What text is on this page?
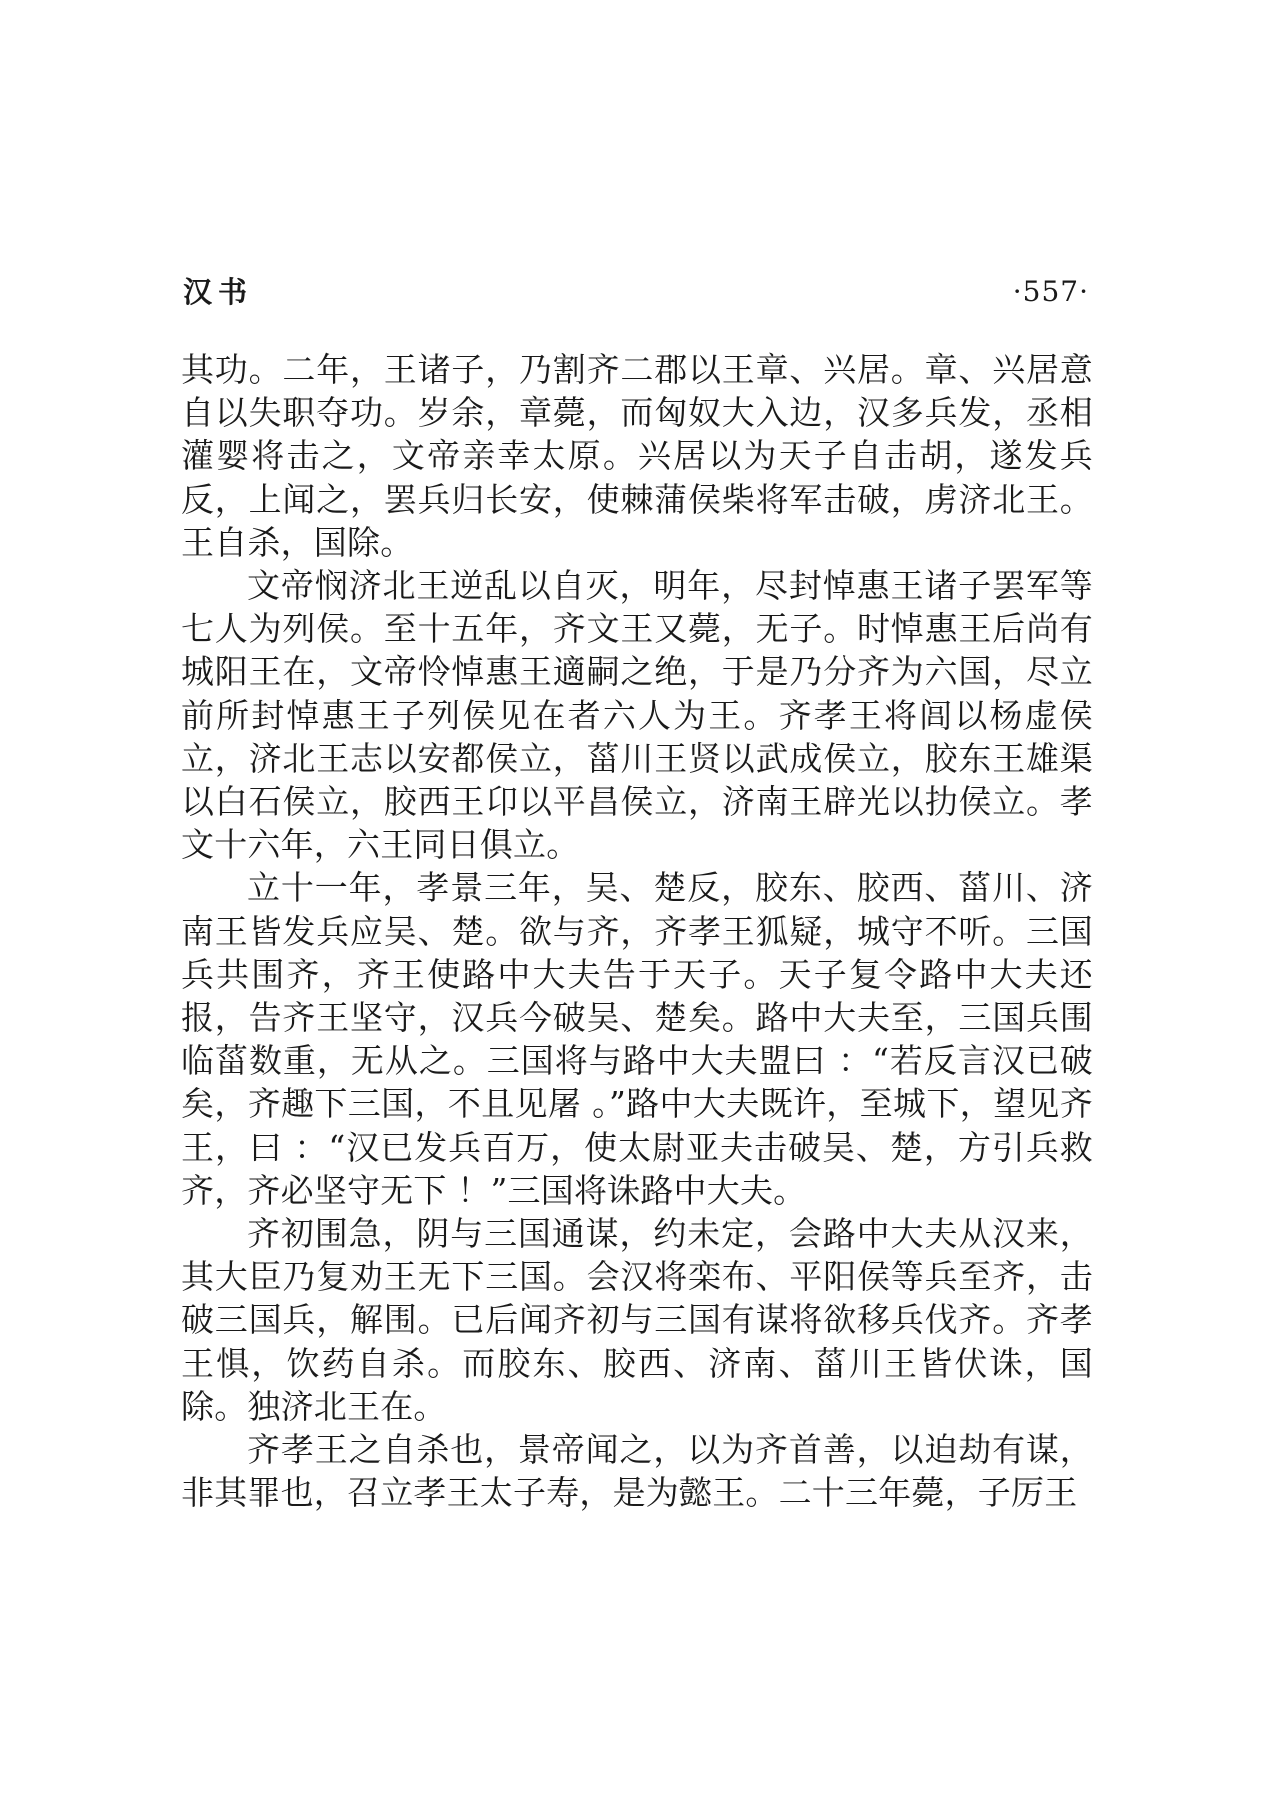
汉书	·557·

其功。二年，王诸子，乃割齐二郡以王章、兴居。章、兴居意自以失职夺功。岁余，章薨，而匈奴大入边，汉多兵发，丞相灌婴将击之，文帝亲幸太原。兴居以为天子自击胡，遂发兵反，上闻之，罢兵归长安，使棘蒲侯柴将军击破，虏济北王。王自杀，国除。

文帝悯济北王逆乱以自灭，明年，尽封悼惠王诸子罢军等七人为列侯。至十五年，齐文王又薨，无子。时悼惠王后尚有城阳王在，文帝怜悼惠王適嗣之绝，于是乃分齐为六国，尽立前所封悼惠王子列侯见在者六人为王。齐孝王将闾以杨虚侯立，济北王志以安都侯立，菑川王贤以武成侯立，胶东王雄渠以白石侯立，胶西王卬以平昌侯立，济南王辟光以扐侯立。孝文十六年，六王同日俱立。

立十一年，孝景三年，吴、楚反，胶东、胶西、菑川、济南王皆发兵应吴、楚。欲与齐，齐孝王狐疑，城守不听。三国兵共围齐，齐王使路中大夫告于天子。天子复令路中大夫还报，告齐王坚守，汉兵今破吴、楚矣。路中大夫至，三国兵围临菑数重，无从之。三国将与路中大夫盟曰 ：“若反言汉已破矣，齐趣下三国，不且见屠 。”路中大夫既许，至城下，望见齐王，曰 ：“汉已发兵百万，使太尉亚夫击破吴、楚，方引兵救齐，齐必坚守无下 ！”三国将诛路中大夫。

齐初围急，阴与三国通谋，约未定，会路中大夫从汉来，其大臣乃复劝王无下三国。会汉将栾布、平阳侯等兵至齐，击破三国兵，解围。已后闻齐初与三国有谋将欲移兵伐齐。齐孝王惧，饮药自杀。而胶东、胶西、济南、菑川王皆伏诛，国除。独济北王在。

齐孝王之自杀也，景帝闻之，以为齐首善，以迫劫有谋，非其罪也，召立孝王太子寿，是为懿王。二十三年薨，子厉王
